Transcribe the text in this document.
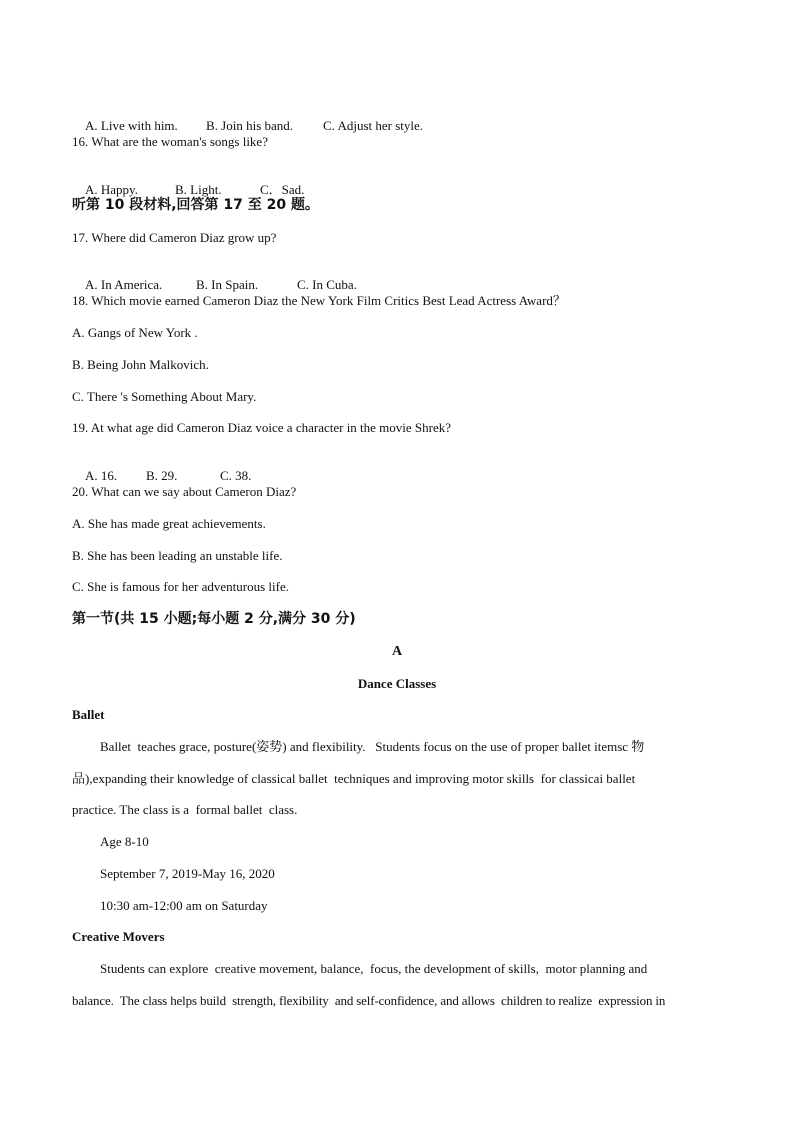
A. Live with him. B. Join his band. C. Adjust her style.

16. What are the woman's songs like?

A. Happy.	B. Light.	C．Sad.

听第 10 段材料,回答第 17 至 20 题。
17. Where did Cameron Diaz grow up?

A. In America.	B. In Spain.	C. In Cuba.

18. Which movie earned Cameron Diaz the New York Film Critics Best Lead Actress Award？
A. Gangs of New York .
B. Being John Malkovich.
C. There 's Something About Mary.
19. At what age did Cameron Diaz voice a character in the movie Shrek?

A. 16. B. 29.	C. 38.

20. What can we say about Cameron Diaz?
A. She has made great achievements.
B. She has been leading an unstable life.
C. She is famous for her adventurous life.
第一节(共 15 小题;每小题 2 分,满分 30 分)
A
Dance Classes
Ballet
Ballet  teaches grace, posture(姿势) and flexibility.   Students focus on the use of proper ballet itemsc 物
品),expanding their knowledge of classical ballet  techniques and improving motor skills  for classicai ballet
practice. The class is a  formal ballet  class.
Age 8-10
September 7, 2019-May 16, 2020
10:30 am-12:00 am on Saturday
Creative Movers
Students can explore  creative movement, balance,  focus, the development of skills,  motor planning and
balance.  The class helps build  strength, flexibility  and self-confidence, and allows  children to realize  expression in
